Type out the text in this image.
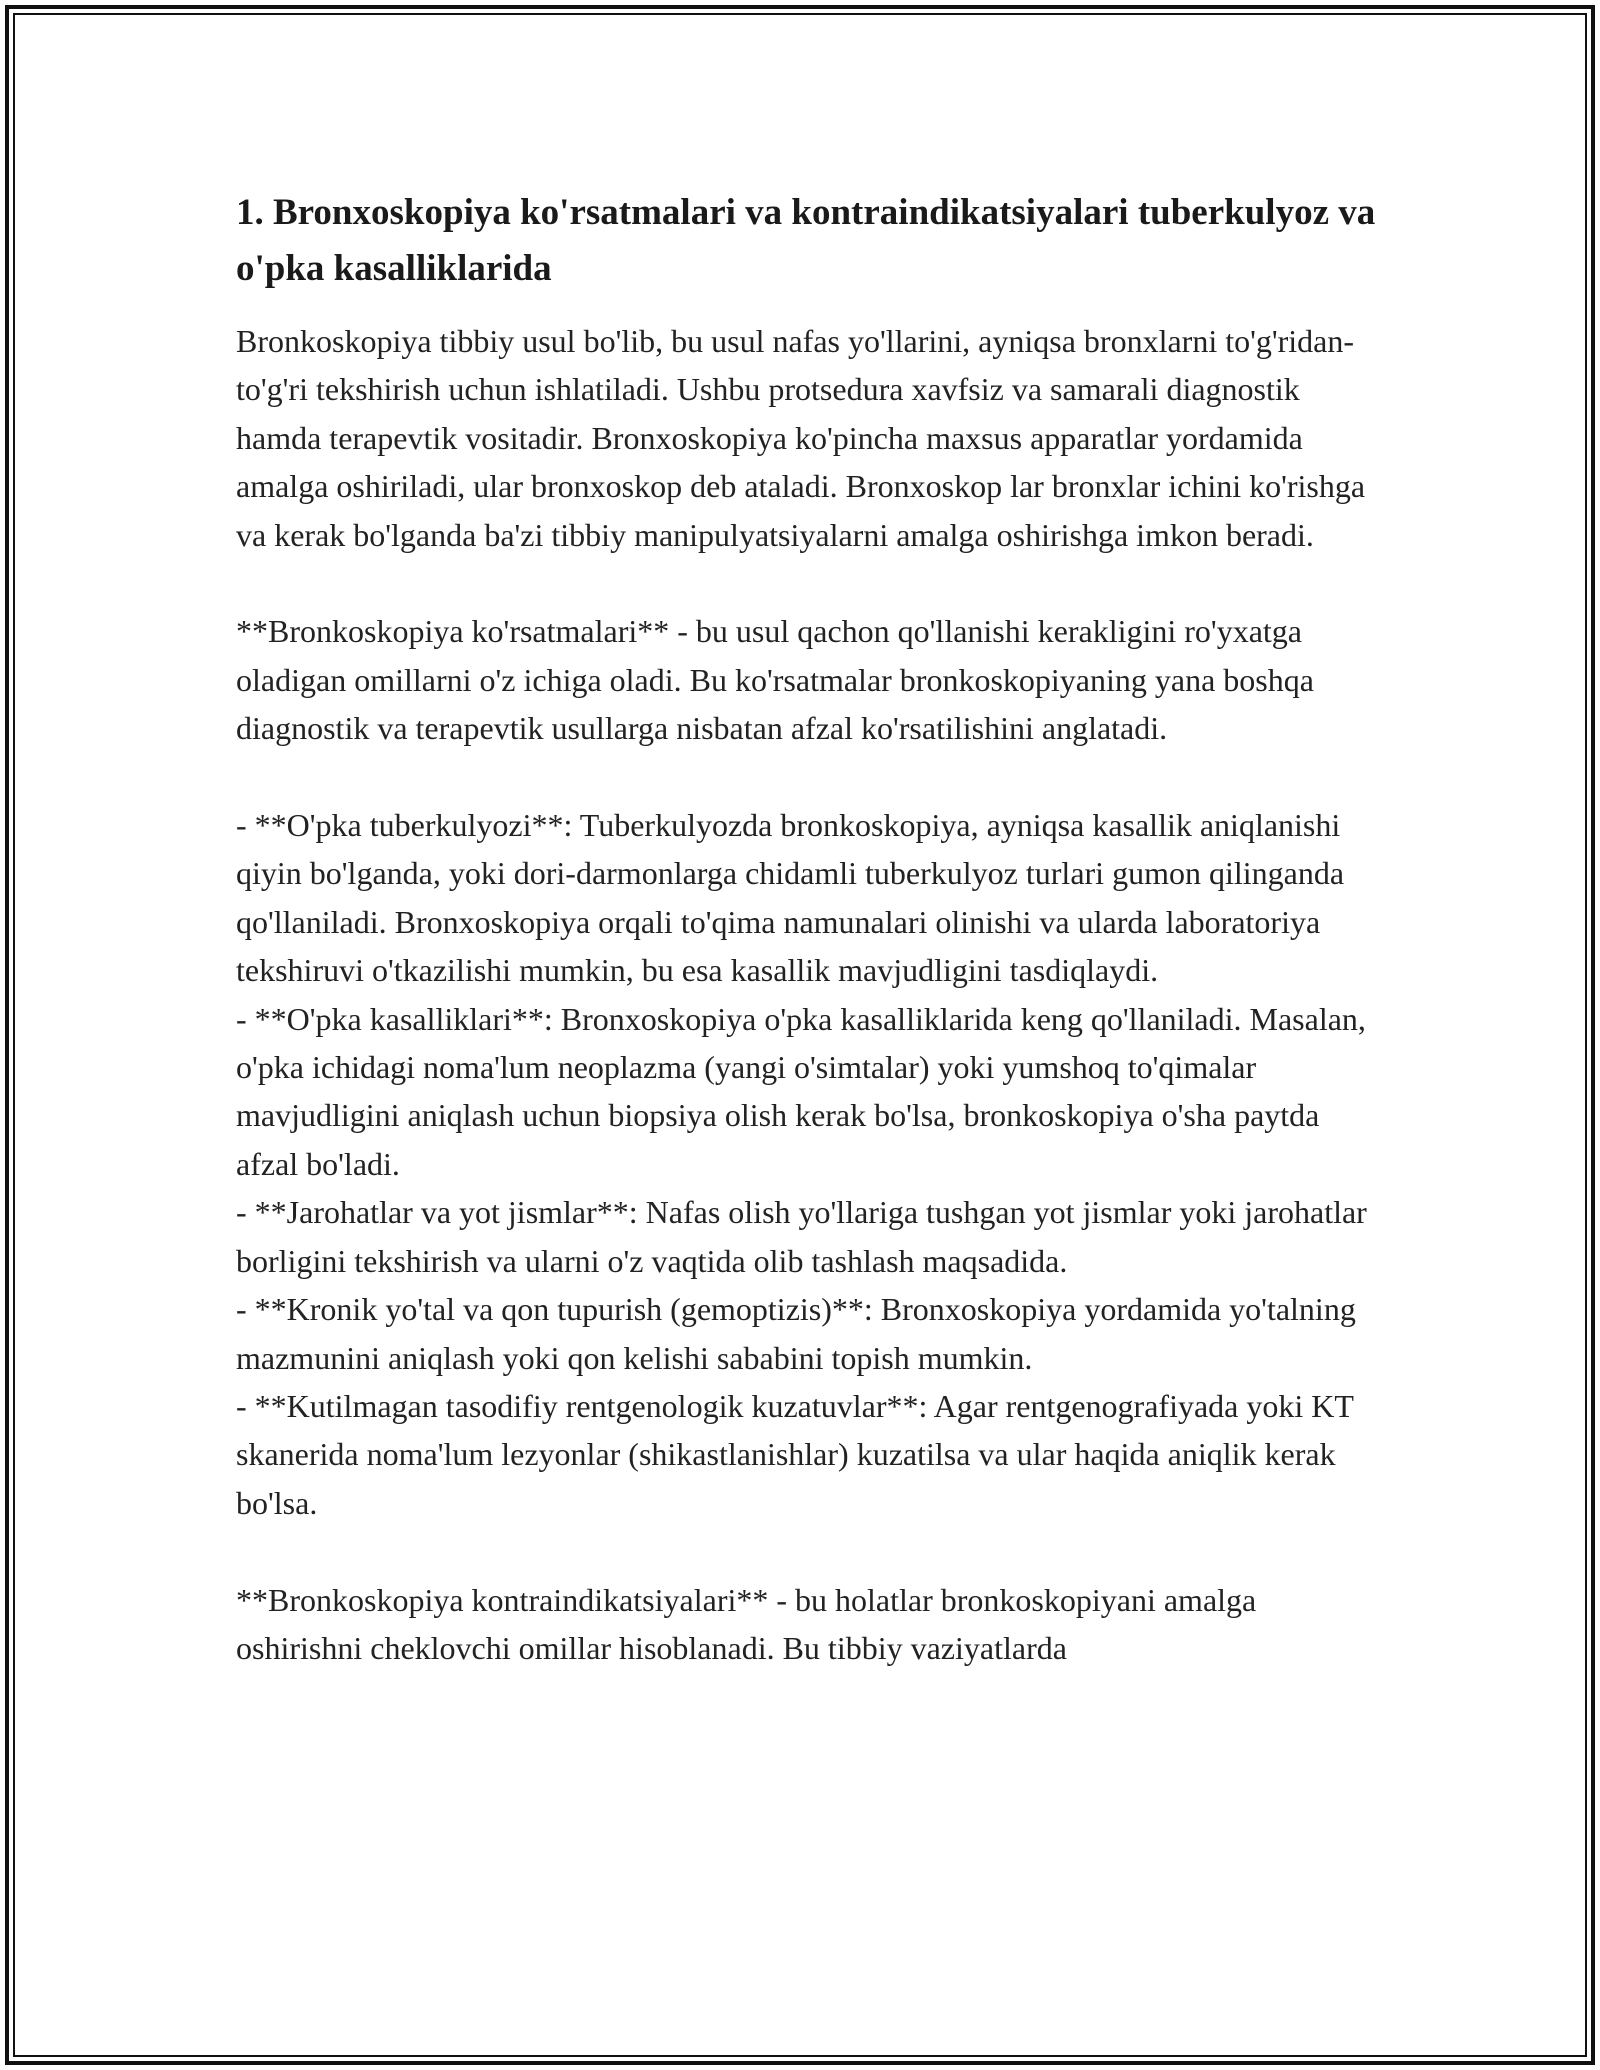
1. Bronxoskopiya ko'rsatmalari va kontraindikatsiyalari tuberkulyoz va o'pka kasalliklarida

Bronkoskopiya tibbiy usul bo'lib, bu usul nafas yo'llarini, ayniqsa bronxlarni to'g'ridan-to'g'ri tekshirish uchun ishlatiladi. Ushbu protsedura xavfsiz va samarali diagnostik hamda terapevtik vositadir. Bronxoskopiya ko'pincha maxsus apparatlar yordamida amalga oshiriladi, ular bronxoskop deb ataladi. Bronxoskop lar bronxlar ichini ko'rishga va kerak bo'lganda ba'zi tibbiy manipulyatsiyalarni amalga oshirishga imkon beradi.

**Bronkoskopiya ko'rsatmalari** - bu usul qachon qo'llanishi kerakligini ro'yxatga oladigan omillarni o'z ichiga oladi. Bu ko'rsatmalar bronkoskopiyaning yana boshqa diagnostik va terapevtik usullarga nisbatan afzal ko'rsatilishini anglatadi.

- **O'pka tuberkulyozi**: Tuberkulyozda bronkoskopiya, ayniqsa kasallik aniqlanishi qiyin bo'lganda, yoki dori-darmonlarga chidamli tuberkulyoz turlari gumon qilinganda qo'llaniladi. Bronxoskopiya orqali to'qima namunalari olinishi va ularda laboratoriya tekshiruvi o'tkazilishi mumkin, bu esa kasallik mavjudligini tasdiqlaydi.

- **O'pka kasalliklari**: Bronxoskopiya o'pka kasalliklarida keng qo'llaniladi. Masalan, o'pka ichidagi noma'lum neoplazma (yangi o'simtalar) yoki yumshoq to'qimalar mavjudligini aniqlash uchun biopsiya olish kerak bo'lsa, bronkoskopiya o'sha paytda afzal bo'ladi.

- **Jarohatlar va yot jismlar**: Nafas olish yo'llariga tushgan yot jismlar yoki jarohatlar borligini tekshirish va ularni o'z vaqtida olib tashlash maqsadida.

- **Kronik yo'tal va qon tupurish (gemoptizis)**: Bronxoskopiya yordamida yo'talning mazmunini aniqlash yoki qon kelishi sababini topish mumkin.

- **Kutilmagan tasodifiy rentgenologik kuzatuvlar**: Agar rentgenografiyada yoki KT skanerida noma'lum lezyonlar (shikastlanishlar) kuzatilsa va ular haqida aniqlik kerak bo'lsa.

**Bronkoskopiya kontraindikatsiyalari** - bu holatlar bronkoskopiyani amalga oshirishni cheklovchi omillar hisoblanadi. Bu tibbiy vaziyatlarda
